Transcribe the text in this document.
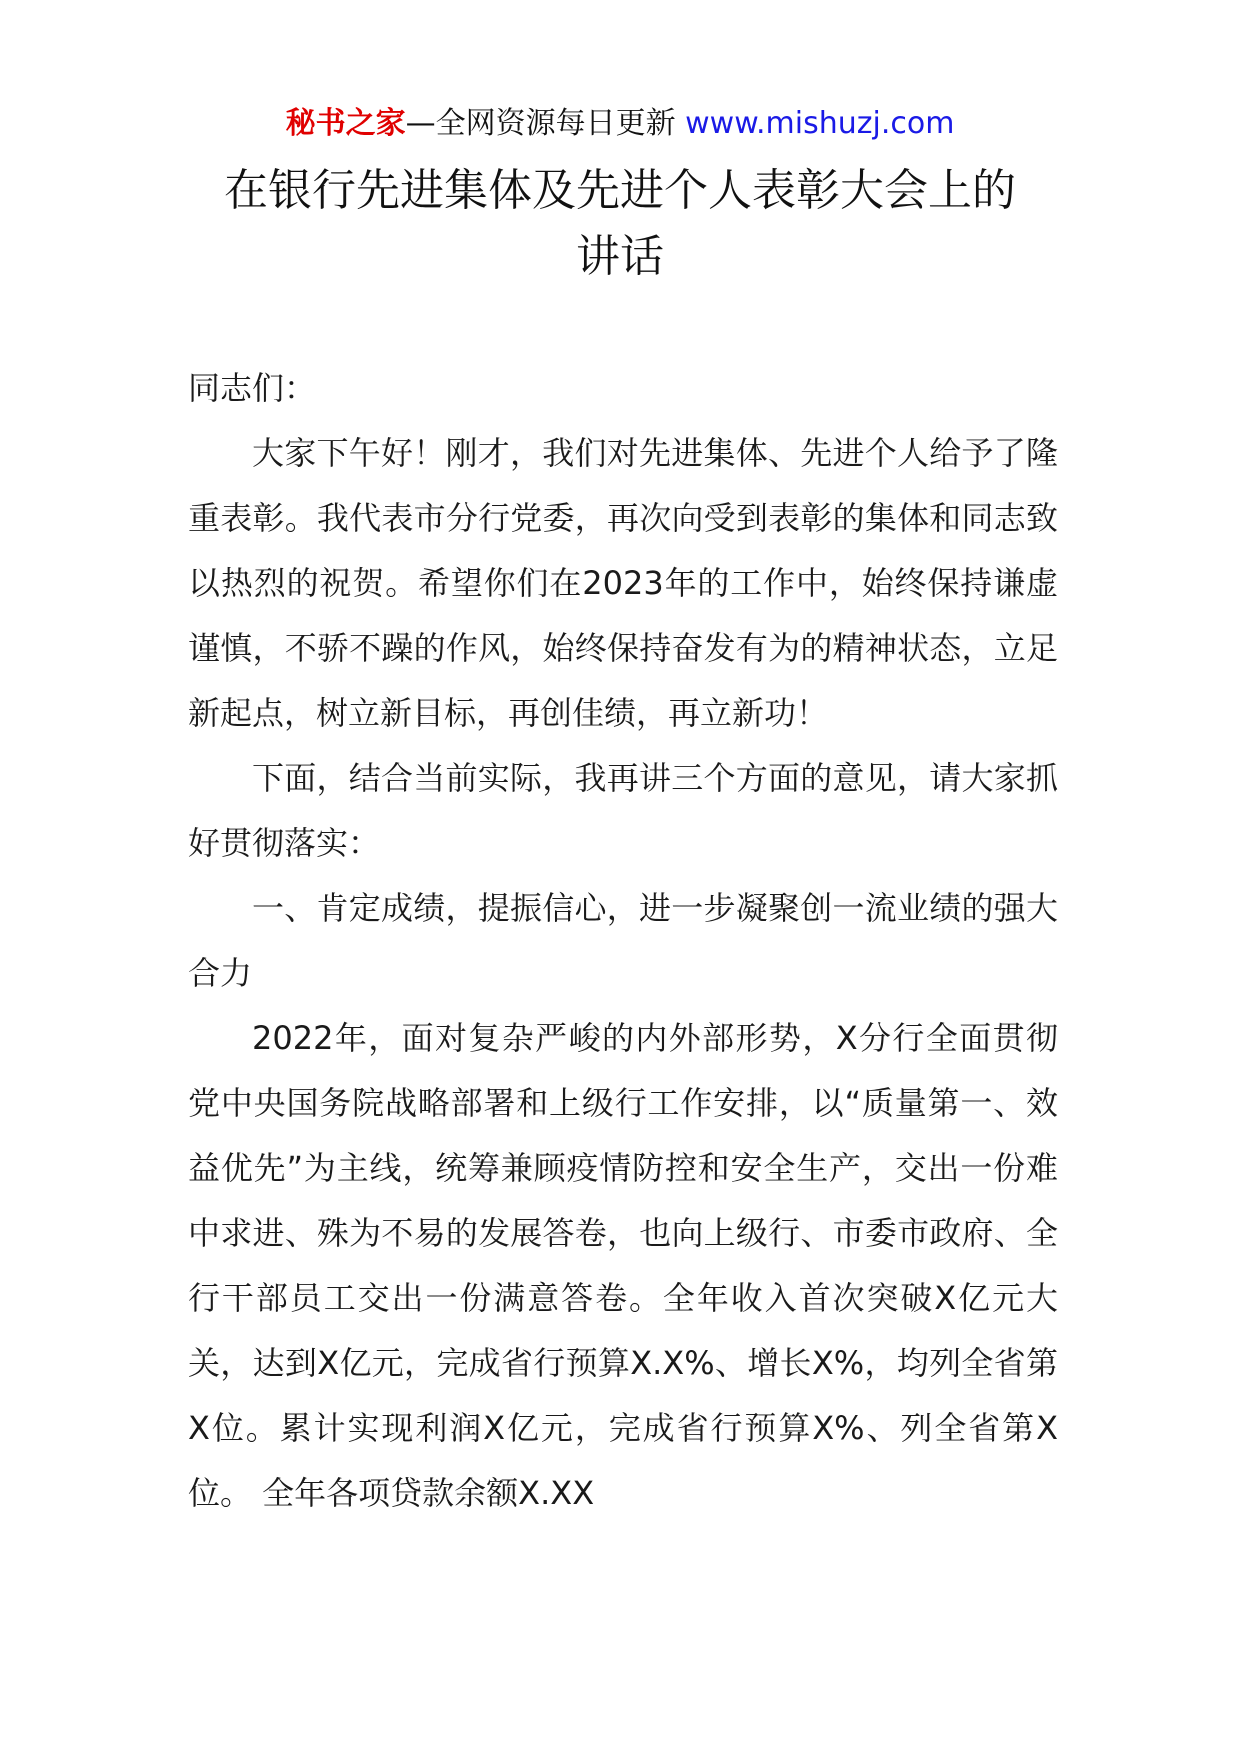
秘书之家—全网资源每日更新 www.mishuzj.com
在银行先进集体及先进个人表彰大会上的
讲话

同志们：

大家下午好！刚才，我们对先进集体、先进个人给予了隆重表彰。我代表市分行党委，再次向受到表彰的集体和同志致以热烈的祝贺。希望你们在2023年的工作中，始终保持谦虚谨慎，不骄不躁的作风，始终保持奋发有为的精神状态，立足新起点，树立新目标，再创佳绩，再立新功！

下面，结合当前实际，我再讲三个方面的意见，请大家抓好贯彻落实：

一、肯定成绩，提振信心，进一步凝聚创一流业绩的强大合力

2022年，面对复杂严峻的内外部形势，X分行全面贯彻党中央国务院战略部署和上级行工作安排，以“质量第一、效益优先”为主线，统筹兼顾疫情防控和安全生产，交出一份难中求进、殊为不易的发展答卷，也向上级行、市委市政府、全行干部员工交出一份满意答卷。全年收入首次突破X亿元大关，达到X亿元，完成省行预算X.X%、增长X%，均列全省第X位。累计实现利润X亿元，完成省行预算X%、列全省第X位。 全年各项贷款余额X.XX
